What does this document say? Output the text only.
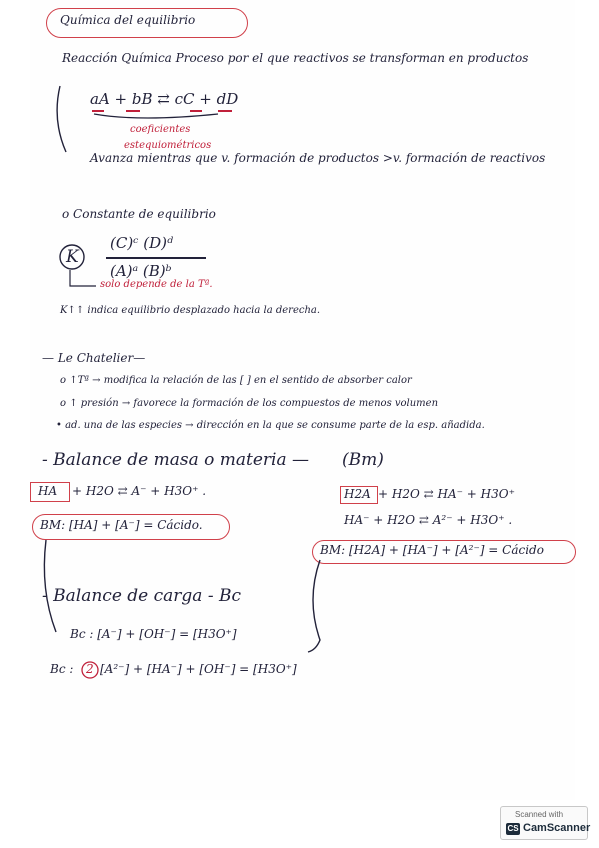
Química del equilibrio
Reacción Química Proceso por el que reactivos se transforman en productos
aA + bB ⇄ cC + dD
coeficientes
estequiométricos
Avanza mientras que v. formación de productos >v. formación de reactivos
o Constante de equilibrio
K
(C)ᶜ (D)ᵈ
(A)ᵃ (B)ᵇ
solo depende de la Tª.
K↑↑ indica equilibrio desplazado hacia la derecha.
— Le Chatelier—
o ↑Tª → modifica la relación de las [ ] en el sentido de absorber calor
o ↑ presión → favorece la formación de los compuestos de menos volumen
• ad. una de las especies → dirección en la que se consume parte de la esp. añadida.
- Balance de masa o materia — (Bm)
HA + H2O ⇄ A⁻ + H3O⁺ .	H2A + H2O ⇄ HA⁻ + H3O⁺
HA⁻ + H2O ⇄ A²⁻ + H3O⁺ .
BM: [HA] + [A⁻] = Cácido.
BM: [H2A] + [HA⁻] + [A²⁻] = Cácido
- Balance de carga - Bc
Bc : [A⁻] + [OH⁻] = [H3O⁺]
Bc : 2 [A²⁻] + [HA⁻] + [OH⁻] = [H3O⁺]
Scanned with
CS CamScanner
